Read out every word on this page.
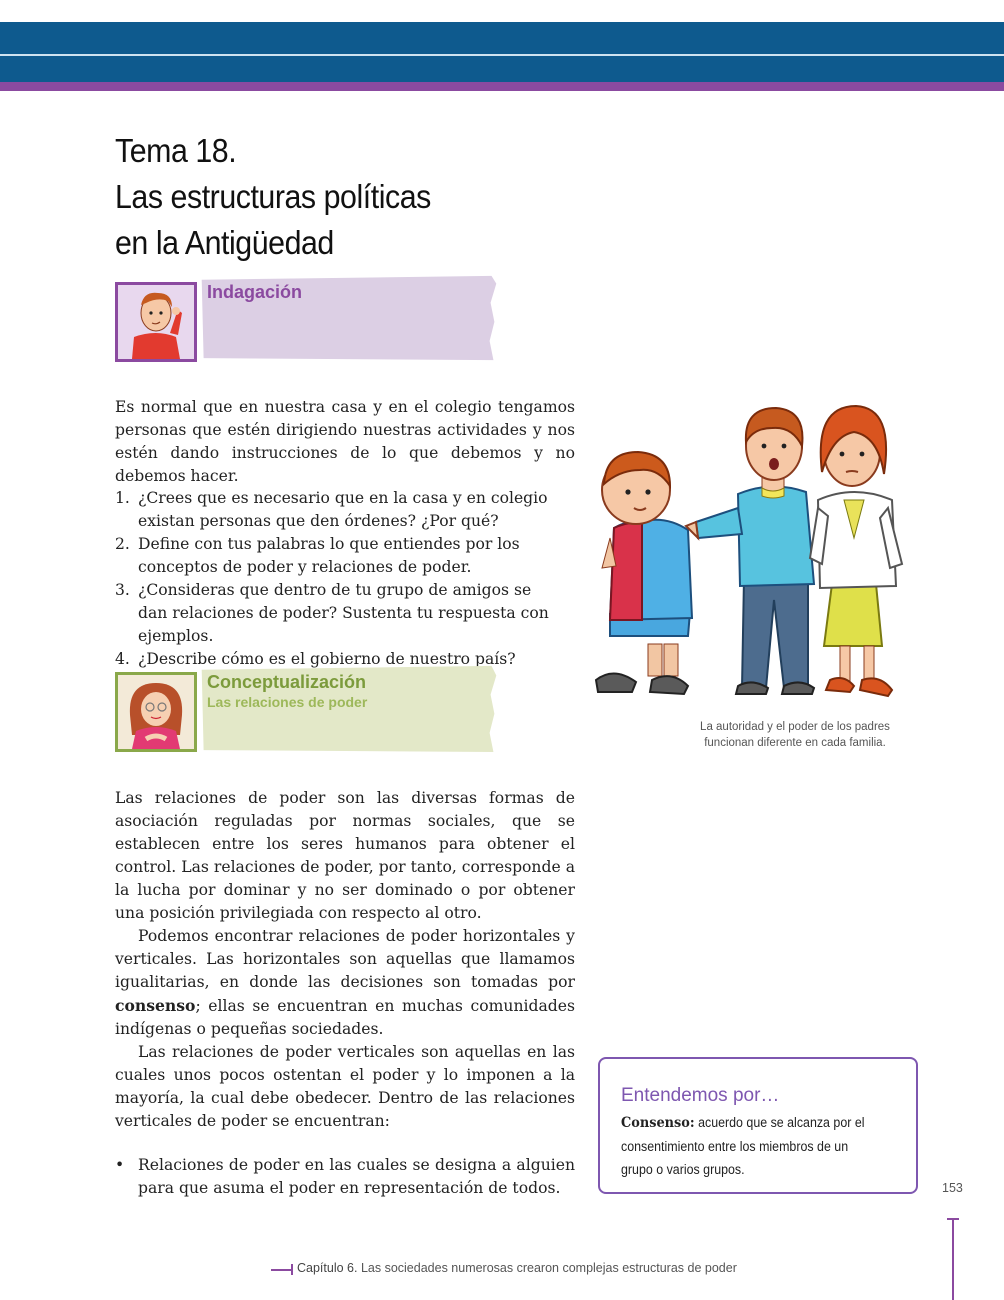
Tema 18.
Las estructuras políticas
en la Antigüedad
Indagación

Es normal que en nuestra casa y en el colegio tengamos personas que estén dirigiendo nuestras actividades y nos estén dando instrucciones de lo que debemos y no debemos hacer.

1. ¿Crees que es necesario que en la casa y en colegio existan personas que den órdenes? ¿Por qué?
2. Define con tus palabras lo que entiendes por los conceptos de poder y relaciones de poder.
3. ¿Consideras que dentro de tu grupo de amigos se dan relaciones de poder? Sustenta tu respuesta con ejemplos.
4. ¿Describe cómo es el gobierno de nuestro país?
Conceptualización
Las relaciones de poder

Las relaciones de poder son las diversas formas de asociación reguladas por normas sociales, que se establecen entre los seres humanos para obtener el control. Las relaciones de poder, por tanto, corresponde a la lucha por dominar y no ser dominado o por obtener una posición privilegiada con respecto al otro.

Podemos encontrar relaciones de poder horizontales y verticales. Las horizontales son aquellas que llamamos igualitarias, en donde las decisiones son tomadas por consenso; ellas se encuentran en muchas comunidades indígenas o pequeñas sociedades.

Las relaciones de poder verticales son aquellas en las cuales unos pocos ostentan el poder y lo imponen a la mayoría, la cual debe obedecer. Dentro de las relaciones verticales de poder se encuentran:

• Relaciones de poder en las cuales se designa a alguien para que asuma el poder en representación de todos.
La autoridad y el poder de los padres
funcionan diferente en cada familia.
Entendemos por…
Consenso: acuerdo que se alcanza por el consentimiento entre los miembros de un grupo o varios grupos.
153
Capítulo 6. Las sociedades numerosas crearon complejas estructuras de poder
